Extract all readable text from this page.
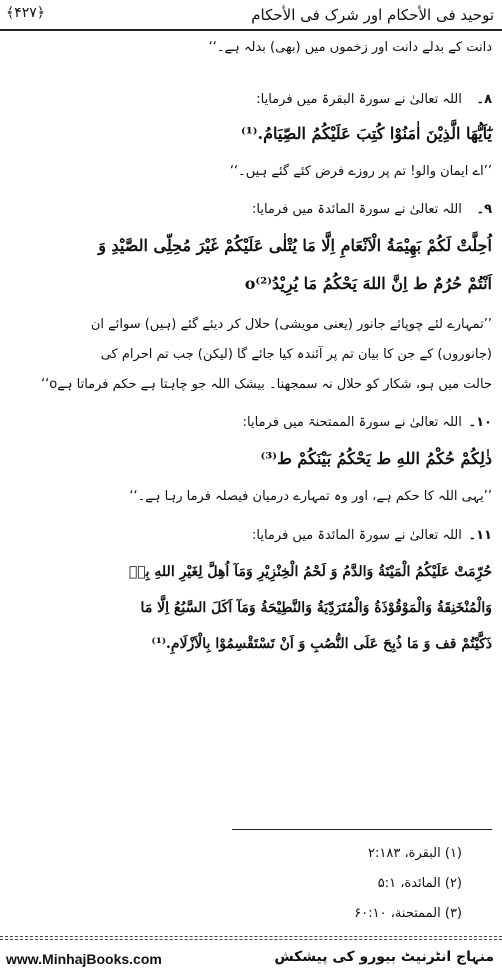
توحید فی الأحکام اور شرک فی الأحکام
﴿۴۲۷﴾
دانت کے بدلے دانت اور زخموں میں (بھی) بدلہ ہے۔‘‘
۸۔ اللہ تعالیٰ نے سورۃ البقرۃ میں فرمایا:
يٰٓاَيُّهَا الَّذِيْنَ اٰمَنُوْا كُتِبَ عَلَيْكُمُ الصِّيَامُ.⁽¹⁾
’’اے ایمان والو! تم پر روزے فرض کئے گئے ہیں۔‘‘
۹۔ اللہ تعالیٰ نے سورۃ المائدۃ میں فرمایا:
اُحِلَّتْ لَكُمْ بَهِيْمَةُ الْاَنْعَامِ اِلَّا مَا يُتْلٰى عَلَيْكُمْ غَيْرَ مُحِلِّى الصَّيْدِ وَ
اَنْتُمْ حُرُمٌ ط اِنَّ اللهَ يَحْكُمُ مَا يُرِيْدُo⁽²⁾
’’تمہارے لئے چوپائے جانور (یعنی مویشی) حلال کر دیئے گئے (ہیں) سوائے ان
(جانوروں) کے جن کا بیان تم پر آئندہ کیا جائے گا (لیکن) جب تم احرام کی
حالت میں ہو، شکار کو حلال نہ سمجھنا۔ بیشک اللہ جو چاہتا ہے حکم فرماتا ہےo‘‘
۱۰۔ اللہ تعالیٰ نے سورۃ الممتحنۃ میں فرمایا:
ذٰلِكُمْ حُكْمُ اللهِ ط يَحْكُمُ بَيْنَكُمْ ط⁽³⁾
’’یہی اللہ کا حکم ہے، اور وہ تمہارے درمیان فیصلہ فرما رہا ہے۔‘‘
۱۱۔ اللہ تعالیٰ نے سورۃ المائدۃ میں فرمایا:
حُرِّمَتْ عَلَيْكُمُ الْمَيْتَةُ وَالدَّمُ وَ لَحْمُ الْخِنْزِيْرِ وَمَآ اُهِلَّ لِغَيْرِ اللهِ بِهٖ
وَالْمُنْخَنِقَةُ وَالْمَوْقُوْذَةُ وَالْمُتَرَدِّيَةُ وَالنَّطِيْحَةُ وَمَآ اَكَلَ السَّبُعُ اِلَّا مَا
ذَكَّيْتُمْ قف وَ مَا ذُبِحَ عَلَى النُّصُبِ وَ اَنْ تَسْتَقْسِمُوْا بِالْاَزْلَامِ.⁽¹⁾
(۱) البقرة، ۲:۱۸۳
(۲) المائدة، ۵:۱
(۳) الممتحنة، ۶۰:۱۰
www.MinhajBooks.com	منہاج انٹرنیٹ بیورو کی پیشکش
